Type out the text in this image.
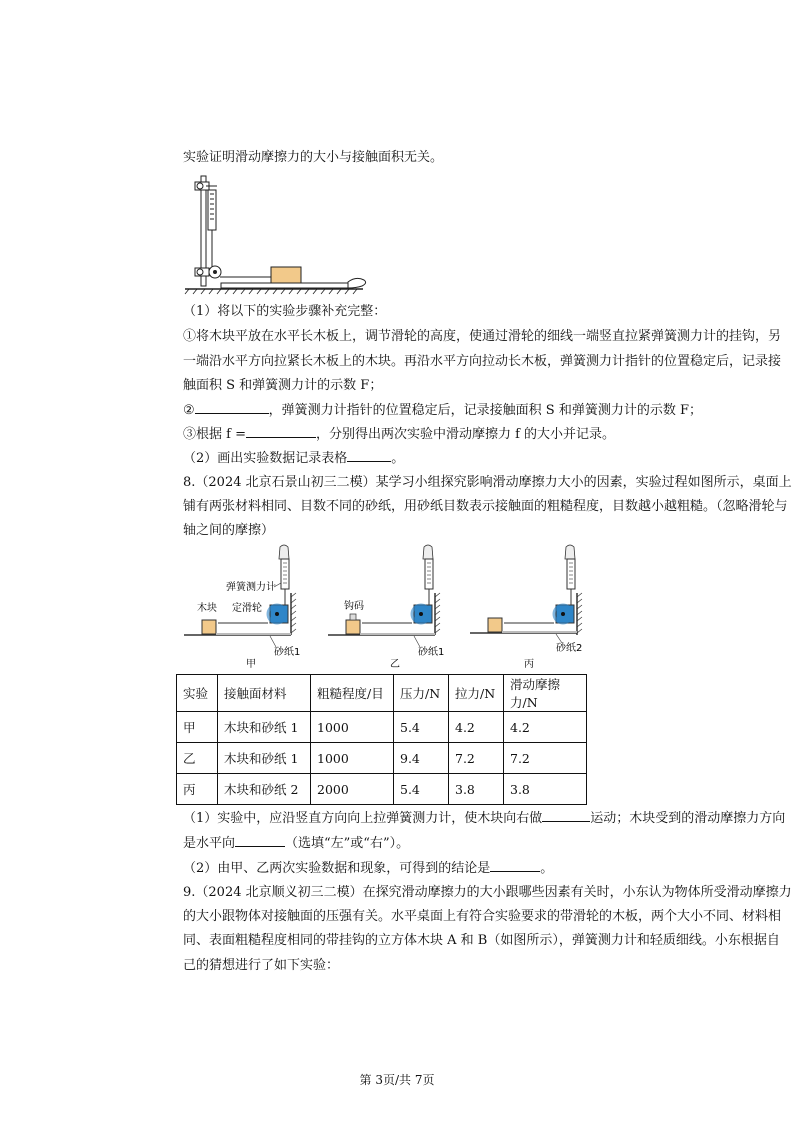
实验证明滑动摩擦力的大小与接触面积无关。
（1）将以下的实验步骤补充完整：
①将木块平放在水平长木板上，调节滑轮的高度，使通过滑轮的细线一端竖直拉紧弹簧测力计的挂钩，另
一端沿水平方向拉紧长木板上的木块。再沿水平方向拉动长木板，弹簧测力计指针的位置稳定后，记录接
触面积 S 和弹簧测力计的示数 F；
②	，弹簧测力计指针的位置稳定后，记录接触面积 S 和弹簧测力计的示数 F；
③根据 f =	，分别得出两次实验中滑动摩擦力 f 的大小并记录。
（2）画出实验数据记录表格	。
8.（2024 北京石景山初三二模）某学习小组探究影响滑动摩擦力大小的因素，实验过程如图所示，桌面上
铺有两张材料相同、目数不同的砂纸，用砂纸目数表示接触面的粗糙程度，目数越小越粗糙。（忽略滑轮与
轴之间的摩擦）
弹簧测力计
木块 定滑轮
砂纸1
甲
钩码
砂纸1
乙
砂纸2
丙
实验	接触面材料	粗糙程度/目	压力/N	拉力/N	滑动摩擦力/N
甲	木块和砂纸 1	1000	5.4	4.2	4.2
乙	木块和砂纸 1	1000	9.4	7.2	7.2
丙	木块和砂纸 2	2000	5.4	3.8	3.8
（1）实验中，应沿竖直方向向上拉弹簧测力计，使木块向右做	运动；木块受到的滑动摩擦力方向
是水平向	（选填“左”或“右”）。
（2）由甲、乙两次实验数据和现象，可得到的结论是	。
9.（2024 北京顺义初三二模）在探究滑动摩擦力的大小跟哪些因素有关时，小东认为物体所受滑动摩擦力
的大小跟物体对接触面的压强有关。水平桌面上有符合实验要求的带滑轮的木板，两个大小不同、材料相
同、表面粗糙程度相同的带挂钩的立方体木块 A 和 B（如图所示），弹簧测力计和轻质细线。小东根据自
己的猜想进行了如下实验：
第 3页/共 7页
